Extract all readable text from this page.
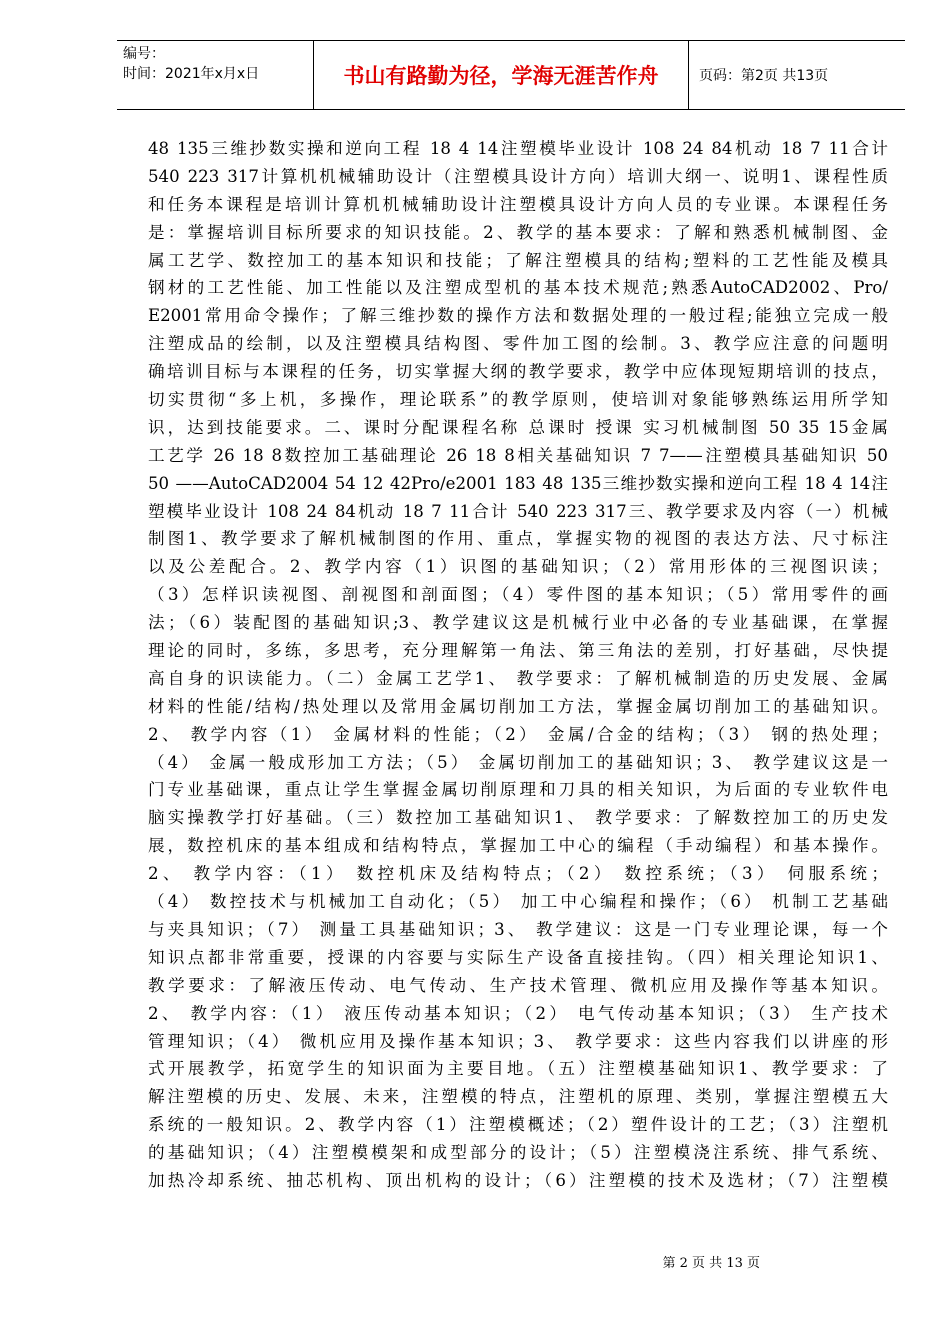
编号：
时间：2021年x月x日	书山有路勤为径，学海无涯苦作舟	页码：第2页 共13页
48 135三维抄数实操和逆向工程 18 4 14注塑模毕业设计 108 24 84机动 18 7 11合计
540 223 317计算机机械辅助设计（注塑模具设计方向）培训大纲一、说明1、课程性质
和任务本课程是培训计算机机械辅助设计注塑模具设计方向人员的专业课。本课程任务
是：掌握培训目标所要求的知识技能。2、教学的基本要求：了解和熟悉机械制图、金
属工艺学、数控加工的基本知识和技能；了解注塑模具的结构;塑料的工艺性能及模具
钢材的工艺性能、加工性能以及注塑成型机的基本技术规范;熟悉AutoCAD2002、Pro/
E2001常用命令操作；了解三维抄数的操作方法和数据处理的一般过程;能独立完成一般
注塑成品的绘制，以及注塑模具结构图、零件加工图的绘制。3、教学应注意的问题明
确培训目标与本课程的任务，切实掌握大纲的教学要求，教学中应体现短期培训的技点，
切实贯彻“多上机，多操作，理论联系”的教学原则，使培训对象能够熟练运用所学知
识，达到技能要求。二、课时分配课程名称 总课时 授课 实习机械制图 50 35 15金属
工艺学 26 18 8数控加工基础理论 26 18 8相关基础知识 7 7——注塑模具基础知识 50
50 ——AutoCAD2004 54 12 42Pro/e2001 183 48 135三维抄数实操和逆向工程 18 4 14注
塑模毕业设计 108 24 84机动 18 7 11合计 540 223 317三、教学要求及内容（一）机械
制图1、教学要求了解机械制图的作用、重点，掌握实物的视图的表达方法、尺寸标注
以及公差配合。2、教学内容（1）识图的基础知识；（2）常用形体的三视图识读；
（3）怎样识读视图、剖视图和剖面图；（4）零件图的基本知识；（5）常用零件的画
法；（6）装配图的基础知识;3、教学建议这是机械行业中必备的专业基础课，在掌握
理论的同时，多练，多思考，充分理解第一角法、第三角法的差别，打好基础，尽快提
高自身的识读能力。（二）金属工艺学1、 教学要求：了解机械制造的历史发展、金属
材料的性能/结构/热处理以及常用金属切削加工方法，掌握金属切削加工的基础知识。
2、 教学内容（1） 金属材料的性能；（2） 金属/合金的结构；（3） 钢的热处理；
（4） 金属一般成形加工方法；（5） 金属切削加工的基础知识；3、 教学建议这是一
门专业基础课，重点让学生掌握金属切削原理和刀具的相关知识，为后面的专业软件电
脑实操教学打好基础。（三）数控加工基础知识1、 教学要求：了解数控加工的历史发
展，数控机床的基本组成和结构特点，掌握加工中心的编程（手动编程）和基本操作。
2、 教学内容：（1） 数控机床及结构特点；（2） 数控系统；（3） 伺服系统；
（4） 数控技术与机械加工自动化；（5） 加工中心编程和操作；（6） 机制工艺基础
与夹具知识；（7） 测量工具基础知识；3、 教学建议：这是一门专业理论课，每一个
知识点都非常重要，授课的内容要与实际生产设备直接挂钩。（四）相关理论知识1、
教学要求：了解液压传动、电气传动、生产技术管理、微机应用及操作等基本知识。
2、 教学内容：（1） 液压传动基本知识；（2） 电气传动基本知识；（3） 生产技术
管理知识；（4） 微机应用及操作基本知识；3、 教学要求：这些内容我们以讲座的形
式开展教学，拓宽学生的知识面为主要目地。（五）注塑模基础知识1、教学要求：了
解注塑模的历史、发展、未来，注塑模的特点，注塑机的原理、类别，掌握注塑模五大
系统的一般知识。2、教学内容（1）注塑模概述；（2）塑件设计的工艺；（3）注塑机
的基础知识；（4）注塑模模架和成型部分的设计；（5）注塑模浇注系统、排气系统、
加热冷却系统、抽芯机构、顶出机构的设计；（6）注塑模的技术及选材；（7）注塑模
第 2 页 共 13 页
